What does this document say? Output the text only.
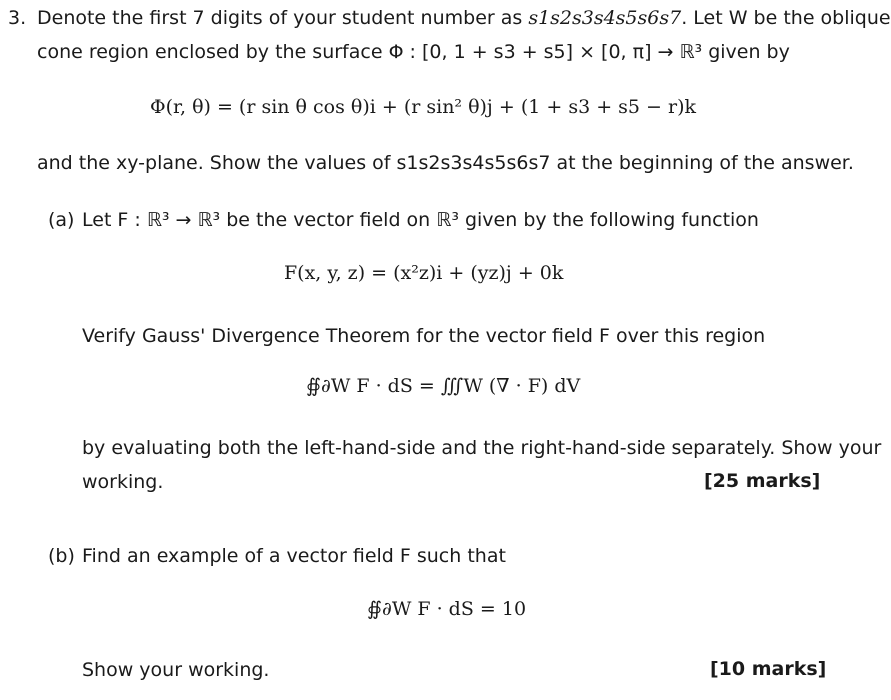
3. Denote the first 7 digits of your student number as s1s2s3s4s5s6s7. Let W be the oblique
cone region enclosed by the surface Φ : [0, 1 + s3 + s5] × [0, π] → ℝ³ given by
Φ(r, θ) = (r sin θ cos θ)i + (r sin² θ)j + (1 + s3 + s5 − r)k
and the xy-plane. Show the values of s1s2s3s4s5s6s7 at the beginning of the answer.
(a) Let F : ℝ³ → ℝ³ be the vector field on ℝ³ given by the following function
F(x, y, z) = (x²z)i + (yz)j + 0k
Verify Gauss' Divergence Theorem for the vector field F over this region
∯∂W F · dS = ∭W (∇ · F) dV
by evaluating both the left-hand-side and the right-hand-side separately. Show your
working.	[25 marks]
(b) Find an example of a vector field F such that
∯∂W F · dS = 10
Show your working.	[10 marks]
